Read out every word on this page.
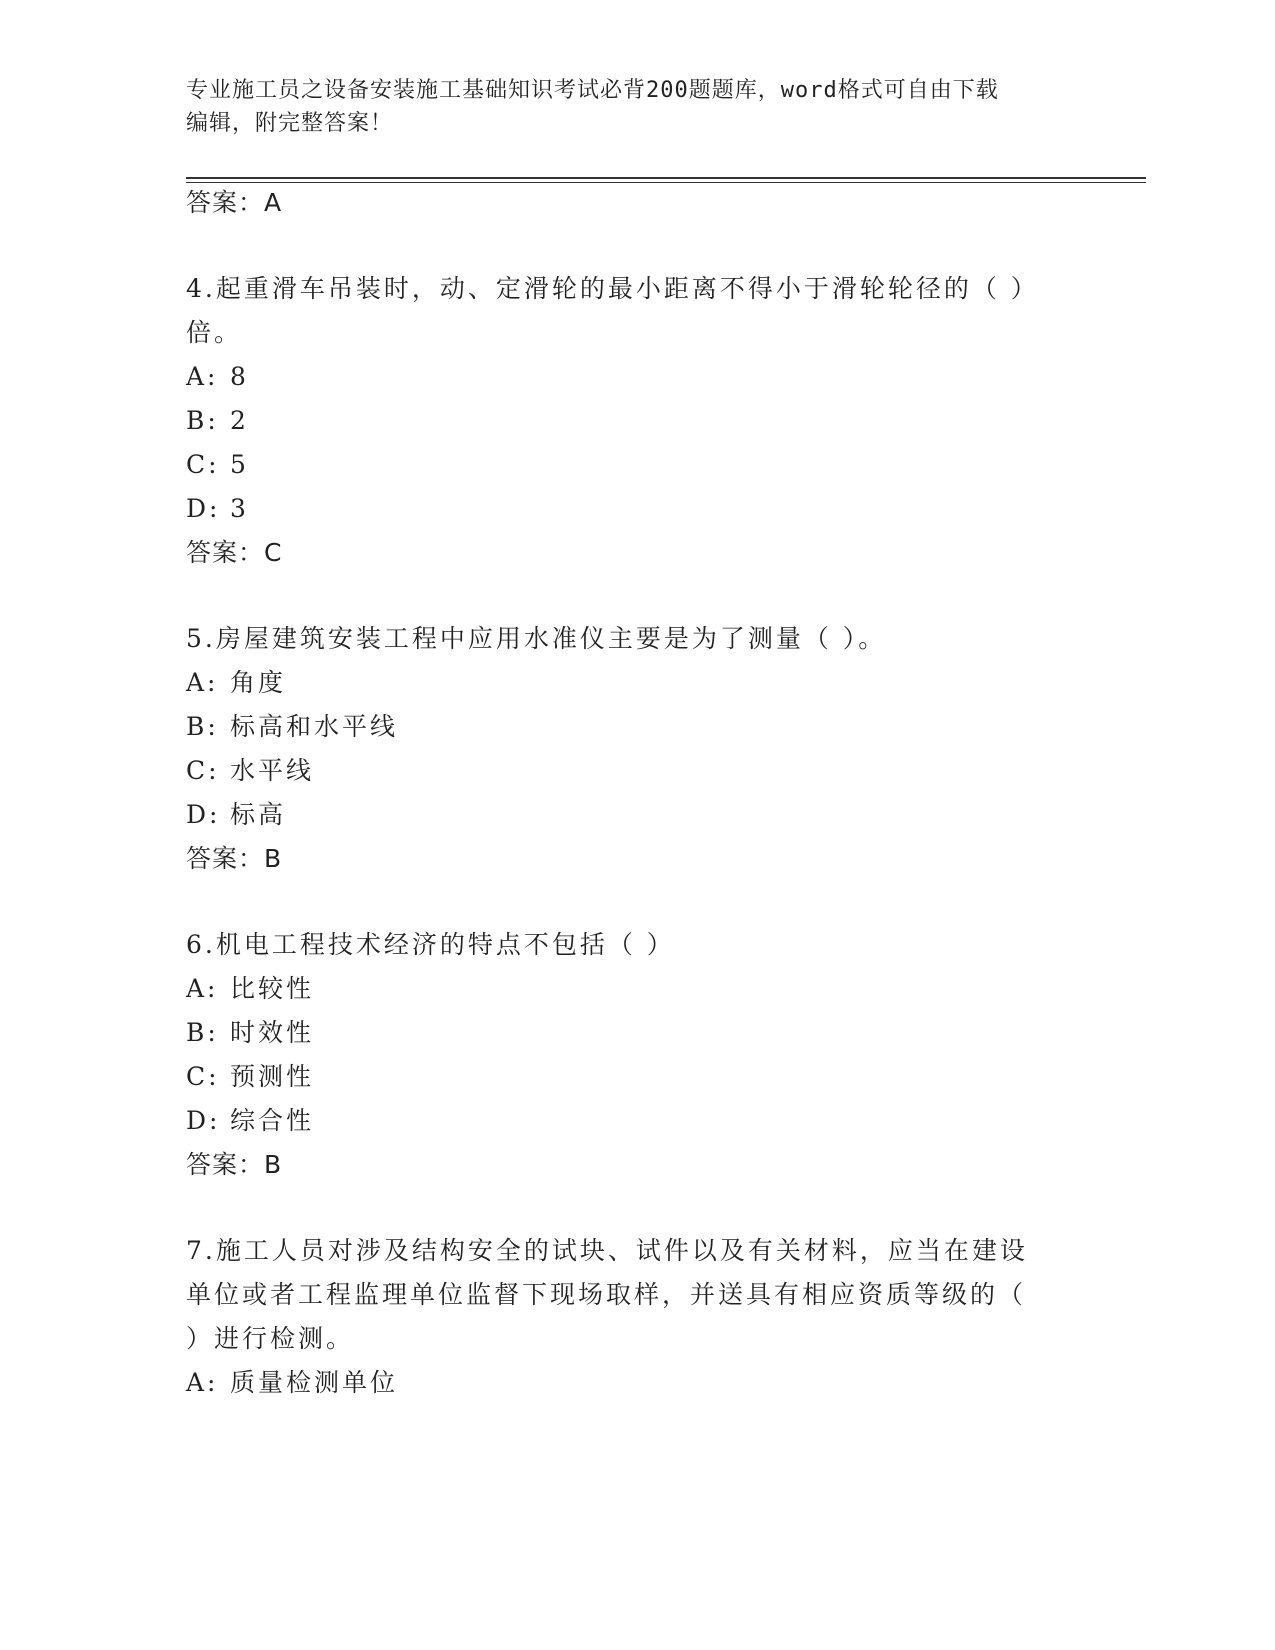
专业施工员之设备安装施工基础知识考试必背200题题库，word格式可自由下载
编辑，附完整答案！
答案：A
4.起重滑车吊装时，动、定滑轮的最小距离不得小于滑轮轮径的（ ）
倍。
A: 8
B: 2
C: 5
D: 3
答案：C
5.房屋建筑安装工程中应用水准仪主要是为了测量（ ）。
A: 角度
B: 标高和水平线
C: 水平线
D: 标高
答案：B
6.机电工程技术经济的特点不包括（ ）
A: 比较性
B: 时效性
C: 预测性
D: 综合性
答案：B
7.施工人员对涉及结构安全的试块、试件以及有关材料，应当在建设
单位或者工程监理单位监督下现场取样，并送具有相应资质等级的（
）进行检测。
A: 质量检测单位
